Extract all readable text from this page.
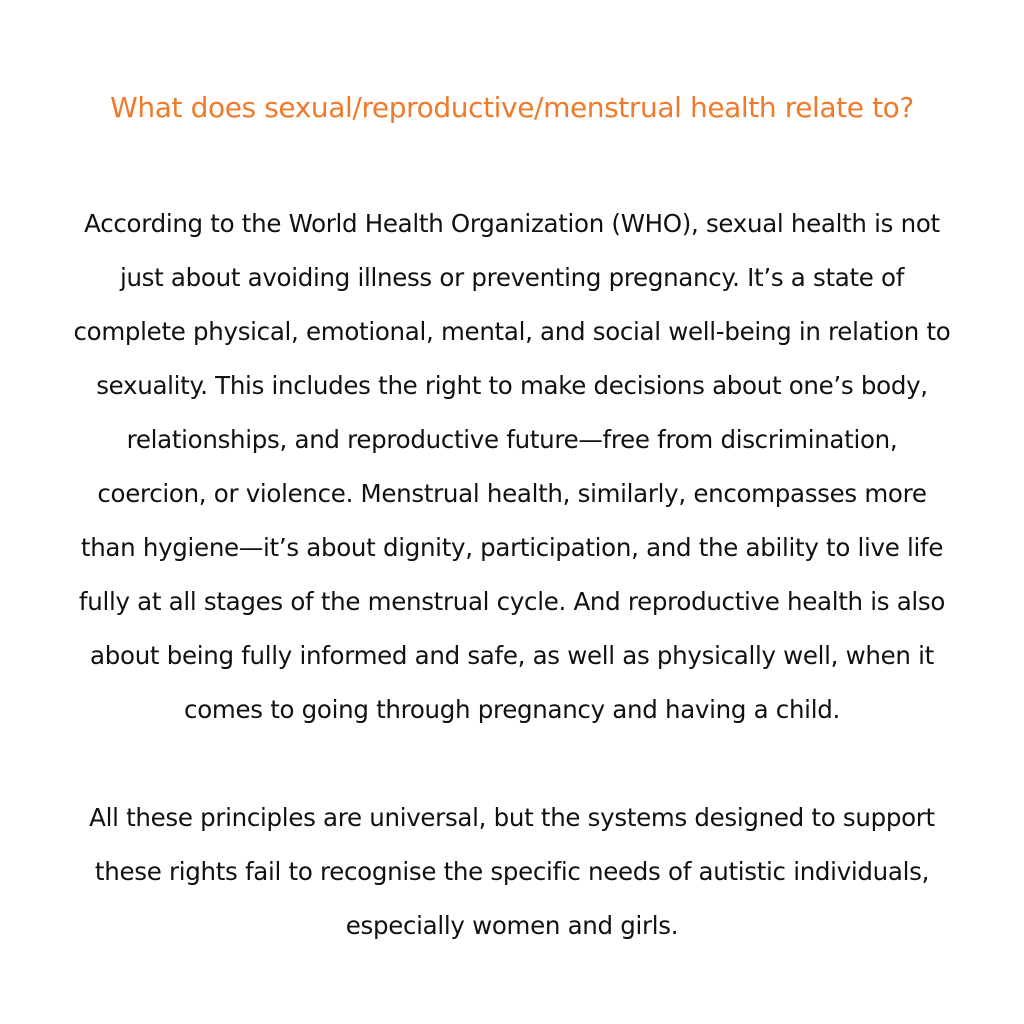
What does sexual/reproductive/menstrual health relate to?

According to the World Health Organization (WHO), sexual health is not just about avoiding illness or preventing pregnancy. It’s a state of complete physical, emotional, mental, and social well-being in relation to sexuality. This includes the right to make decisions about one’s body, relationships, and reproductive future—free from discrimination, coercion, or violence. Menstrual health, similarly, encompasses more than hygiene—it’s about dignity, participation, and the ability to live life fully at all stages of the menstrual cycle. And reproductive health is also about being fully informed and safe, as well as physically well, when it comes to going through pregnancy and having a child.

All these principles are universal, but the systems designed to support these rights fail to recognise the specific needs of autistic individuals, especially women and girls.
